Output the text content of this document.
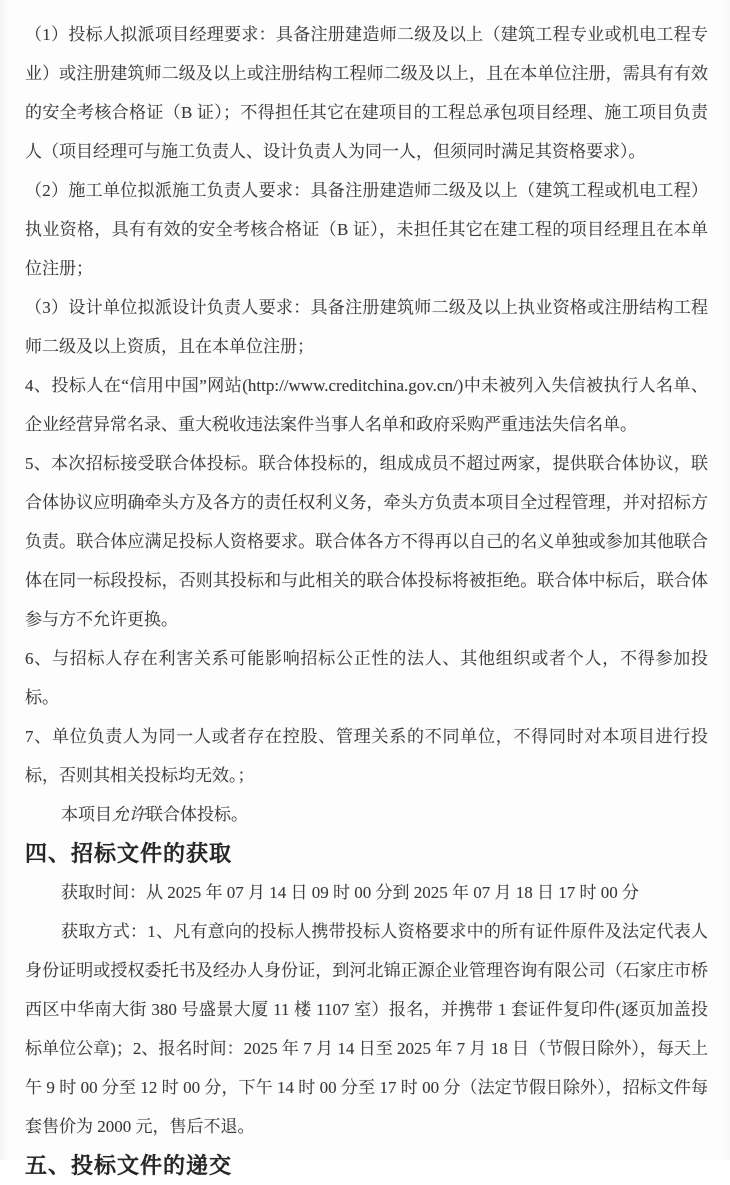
（1）投标人拟派项目经理要求：具备注册建造师二级及以上（建筑工程专业或机电工程专业）或注册建筑师二级及以上或注册结构工程师二级及以上，且在本单位注册，需具有有效的安全考核合格证（B 证）；不得担任其它在建项目的工程总承包项目经理、施工项目负责人（项目经理可与施工负责人、设计负责人为同一人，但须同时满足其资格要求）。

（2）施工单位拟派施工负责人要求：具备注册建造师二级及以上（建筑工程或机电工程）执业资格，具有有效的安全考核合格证（B 证），未担任其它在建工程的项目经理且在本单位注册；

（3）设计单位拟派设计负责人要求：具备注册建筑师二级及以上执业资格或注册结构工程师二级及以上资质，且在本单位注册；

4、投标人在“信用中国”网站(http://www.creditchina.gov.cn/)中未被列入失信被执行人名单、企业经营异常名录、重大税收违法案件当事人名单和政府采购严重违法失信名单。

5、本次招标接受联合体投标。联合体投标的，组成成员不超过两家，提供联合体协议，联合体协议应明确牵头方及各方的责任权利义务，牵头方负责本项目全过程管理，并对招标方负责。联合体应满足投标人资格要求。联合体各方不得再以自己的名义单独或参加其他联合体在同一标段投标，否则其投标和与此相关的联合体投标将被拒绝。联合体中标后，联合体参与方不允许更换。

6、与招标人存在利害关系可能影响招标公正性的法人、其他组织或者个人，不得参加投标。

7、单位负责人为同一人或者存在控股、管理关系的不同单位，不得同时对本项目进行投标，否则其相关投标均无效。；

本项目允许联合体投标。

四、招标文件的获取

获取时间：从 2025 年 07 月 14 日 09 时 00 分到 2025 年 07 月 18 日 17 时 00 分

获取方式：1、凡有意向的投标人携带投标人资格要求中的所有证件原件及法定代表人身份证明或授权委托书及经办人身份证，到河北锦正源企业管理咨询有限公司（石家庄市桥西区中华南大街 380 号盛景大厦 11 楼 1107 室）报名，并携带 1 套证件复印件(逐页加盖投标单位公章)；2、报名时间：2025 年 7 月 14 日至 2025 年 7 月 18 日（节假日除外），每天上午 9 时 00 分至 12 时 00 分，下午 14 时 00 分至 17 时 00 分（法定节假日除外），招标文件每套售价为 2000 元，售后不退。

五、投标文件的递交
